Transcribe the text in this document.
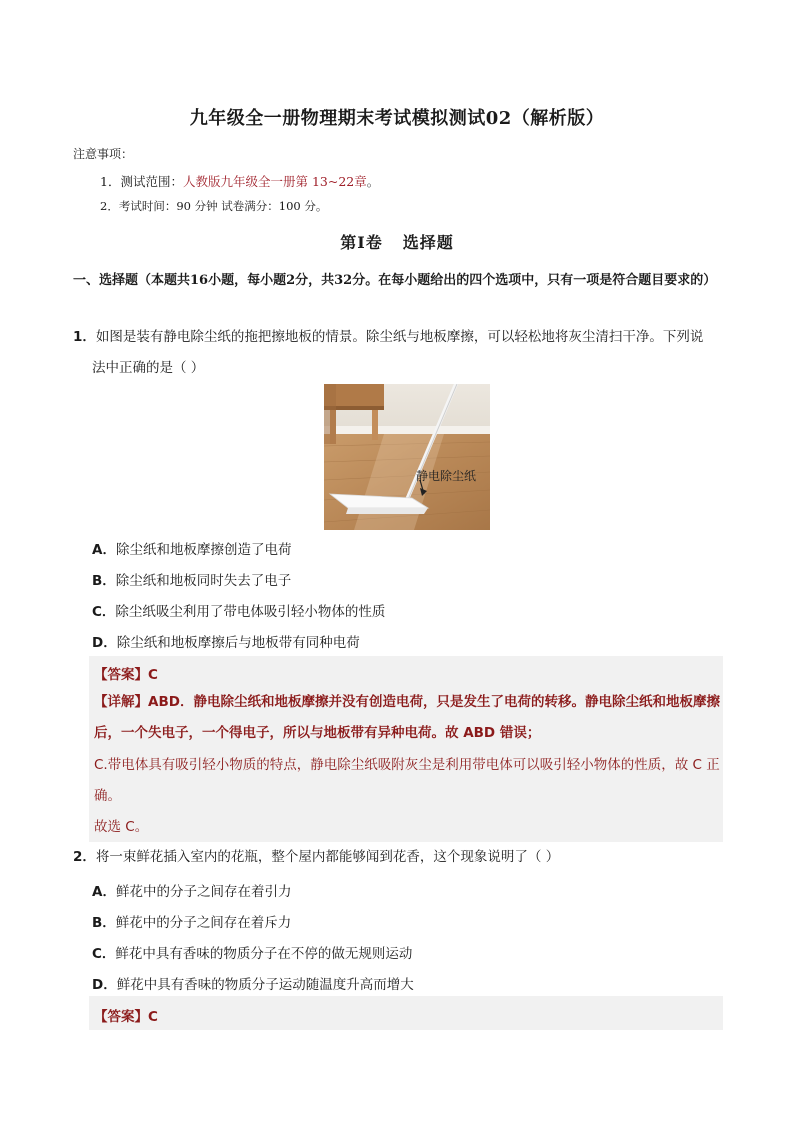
九年级全一册物理期末考试模拟测试02（解析版）
注意事项：
1．测试范围：人教版九年级全一册第 13~22章。
2．考试时间：90 分钟 试卷满分：100 分。
第Ⅰ卷 选择题
一、选择题（本题共16小题，每小题2分，共32分。在每小题给出的四个选项中，只有一项是符合题目要求的）
1．如图是装有静电除尘纸的拖把擦地板的情景。除尘纸与地板摩擦，可以轻松地将灰尘清扫干净。下列说
法中正确的是（ ）
静电除尘纸
A．除尘纸和地板摩擦创造了电荷
B．除尘纸和地板同时失去了电子
C．除尘纸吸尘利用了带电体吸引轻小物体的性质
D．除尘纸和地板摩擦后与地板带有同种电荷
【答案】C
【详解】ABD．静电除尘纸和地板摩擦并没有创造电荷，只是发生了电荷的转移。静电除尘纸和地板摩擦后，一个失电子，一个得电子，所以与地板带有异种电荷。故 ABD 错误；
C.带电体具有吸引轻小物质的特点，静电除尘纸吸附灰尘是利用带电体可以吸引轻小物体的性质，故 C 正确。
故选 C。
2．将一束鲜花插入室内的花瓶，整个屋内都能够闻到花香，这个现象说明了（ ）
A．鲜花中的分子之间存在着引力
B．鲜花中的分子之间存在着斥力
C．鲜花中具有香味的物质分子在不停的做无规则运动
D．鲜花中具有香味的物质分子运动随温度升高而增大
【答案】C
